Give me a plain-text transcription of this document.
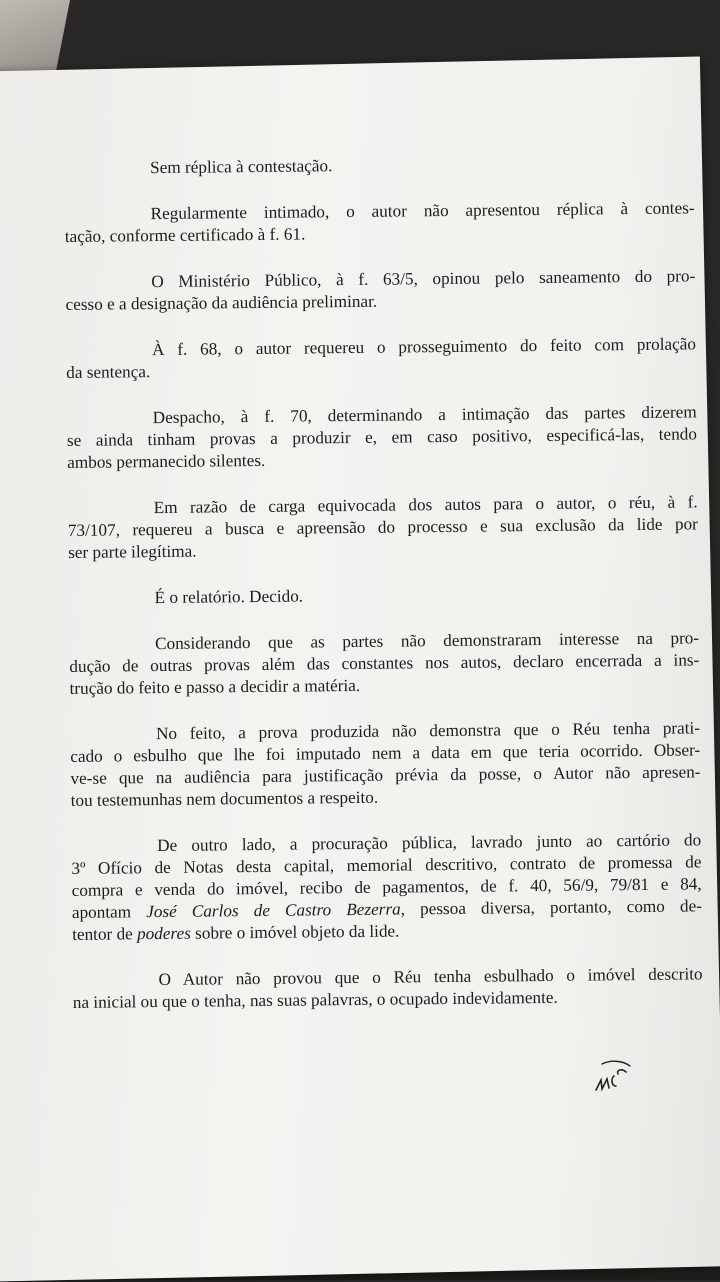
Sem réplica à contestação.

Regularmente intimado, o autor não apresentou réplica à contes-
tação, conforme certificado à f. 61.

O Ministério Público, à f. 63/5, opinou pelo saneamento do pro-
cesso e a designação da audiência preliminar.

À f. 68, o autor requereu o prosseguimento do feito com prolação
da sentença.

Despacho, à f. 70, determinando a intimação das partes dizerem
se ainda tinham provas a produzir e, em caso positivo, especificá-las, tendo
ambos permanecido silentes.

Em razão de carga equivocada dos autos para o autor, o réu, à f.
73/107, requereu a busca e apreensão do processo e sua exclusão da lide por
ser parte ilegítima.

É o relatório. Decido.

Considerando que as partes não demonstraram interesse na pro-
dução de outras provas além das constantes nos autos, declaro encerrada a ins-
trução do feito e passo a decidir a matéria.

No feito, a prova produzida não demonstra que o Réu tenha prati-
cado o esbulho que lhe foi imputado nem a data em que teria ocorrido. Obser-
ve-se que na audiência para justificação prévia da posse, o Autor não apresen-
tou testemunhas nem documentos a respeito.

De outro lado, a procuração pública, lavrado junto ao cartório do
3º Ofício de Notas desta capital, memorial descritivo, contrato de promessa de
compra e venda do imóvel, recibo de pagamentos, de f. 40, 56/9, 79/81 e 84,
apontam José Carlos de Castro Bezerra, pessoa diversa, portanto, como de-
tentor de poderes sobre o imóvel objeto da lide.

O Autor não provou que o Réu tenha esbulhado o imóvel descrito
na inicial ou que o tenha, nas suas palavras, o ocupado indevidamente.
